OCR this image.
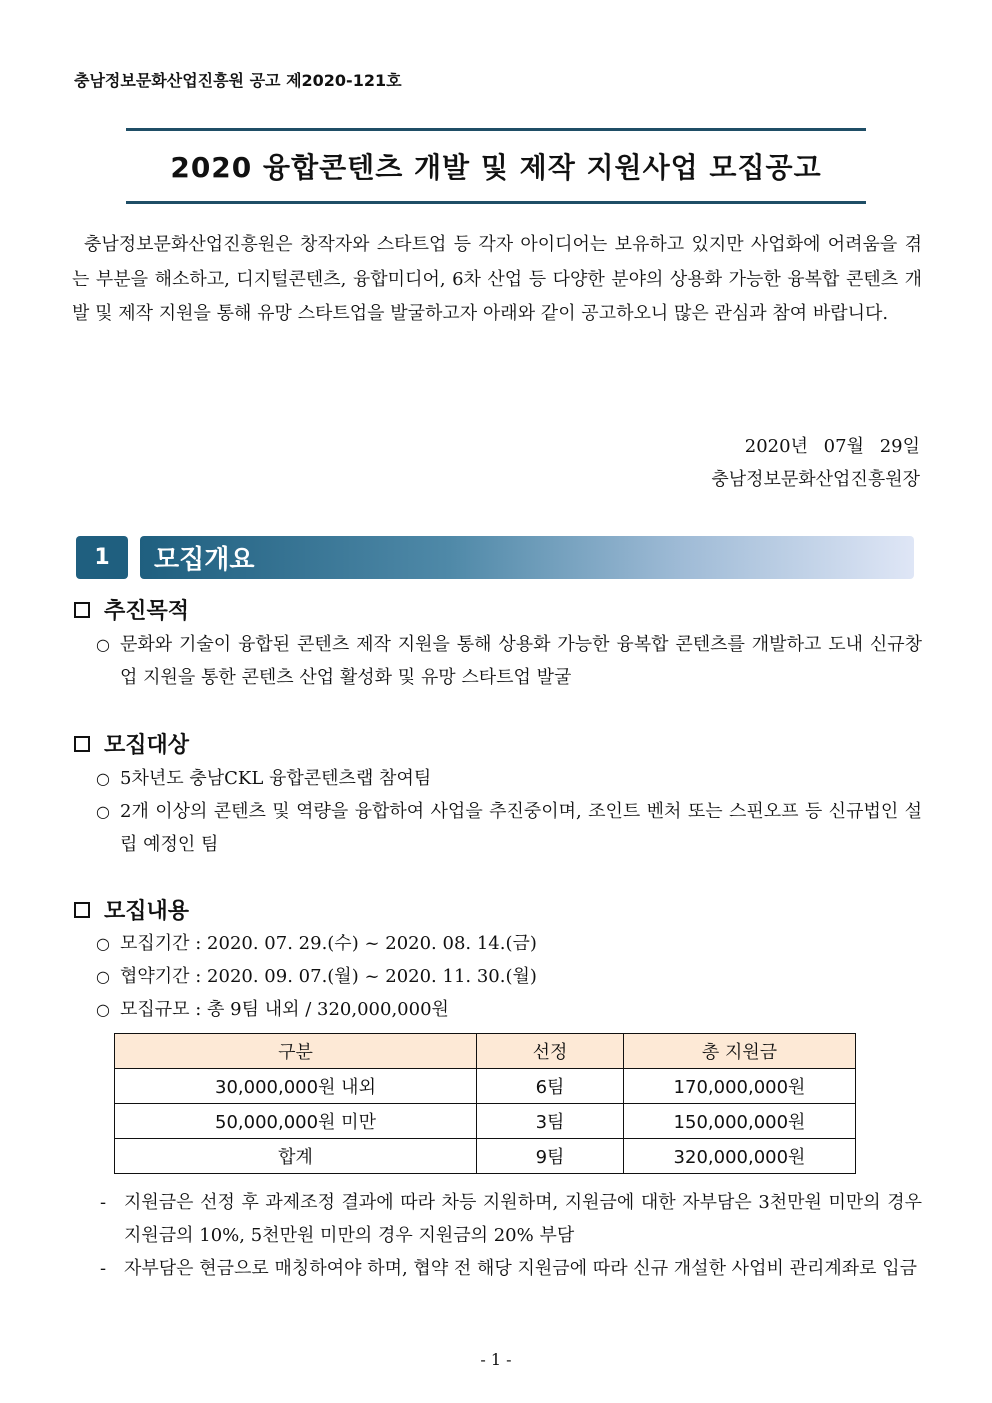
충남정보문화산업진흥원 공고 제2020-121호
2020 융합콘텐츠 개발 및 제작 지원사업 모집공고
충남정보문화산업진흥원은 창작자와 스타트업 등 각자 아이디어는 보유하고 있지만 사업화에 어려움을 겪는 부분을 해소하고, 디지털콘텐츠, 융합미디어, 6차 산업 등 다양한 분야의 상용화 가능한 융복합 콘텐츠 개발 및 제작 지원을 통해 유망 스타트업을 발굴하고자 아래와 같이 공고하오니 많은 관심과 참여 바랍니다.
2020년 07월 29일
충남정보문화산업진흥원장
1	모집개요
추진목적
○ 문화와 기술이 융합된 콘텐츠 제작 지원을 통해 상용화 가능한 융복합 콘텐츠를 개발하고 도내 신규창업 지원을 통한 콘텐츠 산업 활성화 및 유망 스타트업 발굴
모집대상
○ 5차년도 충남CKL 융합콘텐츠랩 참여팀
○ 2개 이상의 콘텐츠 및 역량을 융합하여 사업을 추진중이며, 조인트 벤처 또는 스핀오프 등 신규법인 설립 예정인 팀
모집내용
○ 모집기간 : 2020. 07. 29.(수) ~ 2020. 08. 14.(금)
○ 협약기간 : 2020. 09. 07.(월) ~ 2020. 11. 30.(월)
○ 모집규모 : 총 9팀 내외 / 320,000,000원
구분	선정	총 지원금
30,000,000원 내외	6팀	170,000,000원
50,000,000원 미만	3팀	150,000,000원
합계	9팀	320,000,000원
- 지원금은 선정 후 과제조정 결과에 따라 차등 지원하며, 지원금에 대한 자부담은 3천만원 미만의 경우 지원금의 10%, 5천만원 미만의 경우 지원금의 20% 부담
- 자부담은 현금으로 매칭하여야 하며, 협약 전 해당 지원금에 따라 신규 개설한 사업비 관리계좌로 입금
- 1 -
